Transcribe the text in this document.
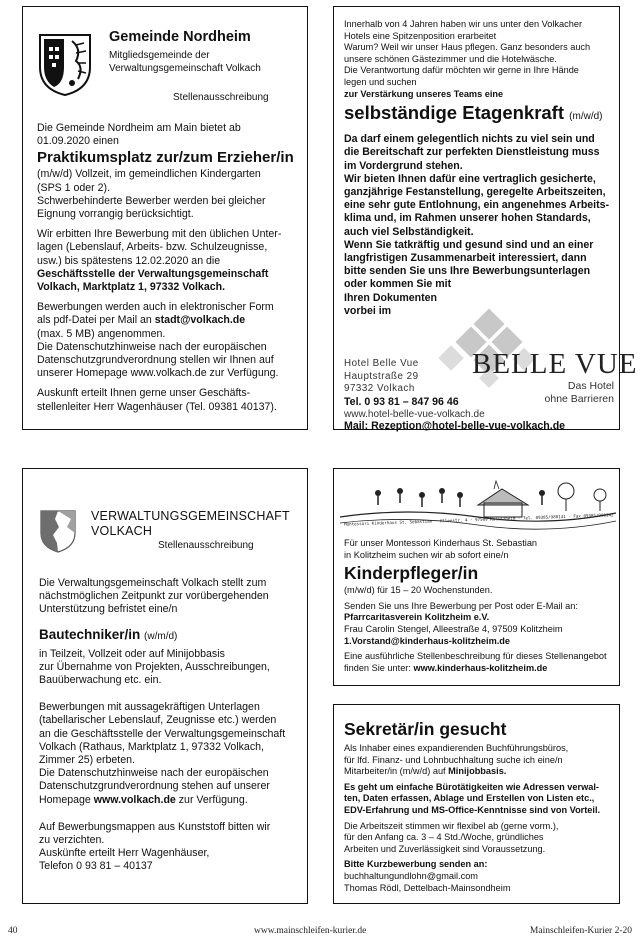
Gemeinde Nordheim
Mitgliedsgemeinde der
Verwaltungsgemeinschaft Volkach
Stellenausschreibung
Die Gemeinde Nordheim am Main bietet ab
01.09.2020 einen
Praktikumsplatz zur/zum Erzieher/in
(m/w/d) Vollzeit, im gemeindlichen Kindergarten
(SPS 1 oder 2).
Schwerbehinderte Bewerber werden bei gleicher
Eignung vorrangig berücksichtigt.
Wir erbitten Ihre Bewerbung mit den üblichen Unter-
lagen (Lebenslauf, Arbeits- bzw. Schulzeugnisse,
usw.) bis spätestens 12.02.2020 an die
Geschäftsstelle der Verwaltungsgemeinschaft
Volkach, Marktplatz 1, 97332 Volkach.
Bewerbungen werden auch in elektronischer Form
als pdf-Datei per Mail an stadt@volkach.de
(max. 5 MB) angenommen.
Die Datenschutzhinweise nach der europäischen
Datenschutzgrundverordnung stellen wir Ihnen auf
unserer Homepage www.volkach.de zur Verfügung.
Auskunft erteilt Ihnen gerne unser Geschäfts-
stellenleiter Herr Wagenhäuser (Tel. 09381 40137).
Innerhalb von 4 Jahren haben wir uns unter den Volkacher
Hotels eine Spitzenposition erarbeitet
Warum? Weil wir unser Haus pflegen. Ganz besonders auch
unsere schönen Gästezimmer und die Hotelwäsche.
Die Verantwortung dafür möchten wir gerne in Ihre Hände
legen und suchen
zur Verstärkung unseres Teams eine
selbständige Etagenkraft (m/w/d)
Da darf einem gelegentlich nichts zu viel sein und
die Bereitschaft zur perfekten Dienstleistung muss
im Vordergrund stehen.
Wir bieten Ihnen dafür eine vertraglich gesicherte,
ganzjährige Festanstellung, geregelte Arbeitszeiten,
eine sehr gute Entlohnung, ein angenehmes Arbeits-
klima und, im Rahmen unserer hohen Standards,
auch viel Selbständigkeit.
Wenn Sie tatkräftig und gesund sind und an einer
langfristigen Zusammenarbeit interessiert, dann
bitte senden Sie uns Ihre Bewerbungsunterlagen
oder kommen Sie mit
Ihren Dokumenten
vorbei im
BELLE VUE
Das Hotel
ohne Barrieren
Hotel Belle Vue
Hauptstraße 29
97332 Volkach
Tel. 0 93 81 – 847 96 46
www.hotel-belle-vue-volkach.de
Mail: Rezeption@hotel-belle-vue-volkach.de
VERWALTUNGSGEMEINSCHAFT
VOLKACH
Stellenausschreibung
Die Verwaltungsgemeinschaft Volkach stellt zum
nächstmöglichen Zeitpunkt zur vorübergehenden
Unterstützung befristet eine/n
Bautechniker/in (w/m/d)
in Teilzeit, Vollzeit oder auf Minijobbasis
zur Übernahme von Projekten, Ausschreibungen,
Bauüberwachung etc. ein.
Bewerbungen mit aussagekräftigen Unterlagen
(tabellarischer Lebenslauf, Zeugnisse etc.) werden
an die Geschäftsstelle der Verwaltungsgemeinschaft
Volkach (Rathaus, Marktplatz 1, 97332 Volkach,
Zimmer 25) erbeten.
Die Datenschutzhinweise nach der europäischen
Datenschutzgrundverordnung stehen auf unserer
Homepage www.volkach.de zur Verfügung.
Auf Bewerbungsmappen aus Kunststoff bitten wir
zu verzichten.
Auskünfte erteilt Herr Wagenhäuser,
Telefon 0 93 81 – 40137
Montessori Kinderhaus St. Sebastian · Alleestr. 4 · 97509 Kolitzheim · Tel. 09385/980141 · Fax 09385/980142
Für unser Montessori Kinderhaus St. Sebastian
in Kolitzheim suchen wir ab sofort eine/n
Kinderpfleger/in
(m/w/d) für 15 – 20 Wochenstunden.
Senden Sie uns Ihre Bewerbung per Post oder E-Mail an:
Pfarrcaritasverein Kolitzheim e.V.
Frau Carolin Stengel, Alleestraße 4, 97509 Kolitzheim
1.Vorstand@kinderhaus-kolitzheim.de
Eine ausführliche Stellenbeschreibung für dieses Stellenangebot
finden Sie unter: www.kinderhaus-kolitzheim.de
Sekretär/in gesucht
Als Inhaber eines expandierenden Buchführungsbüros,
für lfd. Finanz- und Lohnbuchhaltung suche ich eine/n
Mitarbeiter/in (m/w/d) auf Minijobbasis.
Es geht um einfache Bürotätigkeiten wie Adressen verwal-
ten, Daten erfassen, Ablage und Erstellen von Listen etc.,
EDV-Erfahrung und MS-Office-Kenntnisse sind von Vorteil.
Die Arbeitszeit stimmen wir flexibel ab (gerne vorm.),
für den Anfang ca. 3 – 4 Std./Woche, gründliches
Arbeiten und Zuverlässigkeit sind Voraussetzung.
Bitte Kurzbewerbung senden an:
buchhaltungundlohn@gmail.com
Thomas Rödl, Dettelbach-Mainsondheim
40	www.mainschleifen-kurier.de	Mainschleifen-Kurier 2-20
